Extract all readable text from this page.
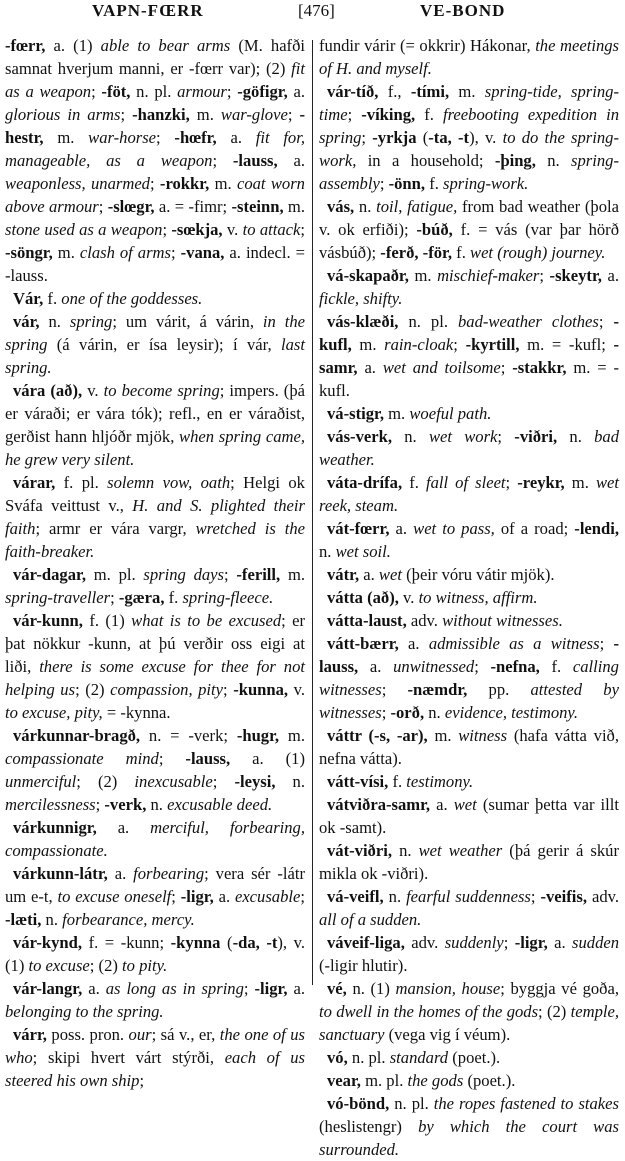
VAPN-FŒRR	[476]	VE-BOND

-fœrr, a. (1) able to bear arms (M. hafði samnat hverjum manni, er -fœrr var); (2) fit as a weapon; -föt, n. pl. armour; -göfigr, a. glorious in arms; -hanzki, m. war-glove; -hestr, m. war-horse; -hœfr, a. fit for, manageable, as a weapon; -lauss, a. weaponless, unarmed; -rokkr, m. coat worn above armour; -slœgr, a. = -fimr; -steinn, m. stone used as a weapon; -sœkja, v. to attack; -söngr, m. clash of arms; -vana, a. indecl. = -lauss.

Vár, f. one of the goddesses.

vár, n. spring; um várit, á várin, in the spring (á várin, er ísa leysir); í vár, last spring.

vára (að), v. to become spring; impers. (þá er váraði; er vára tók); refl., en er váraðist, gerðist hann hljóðr mjök, when spring came, he grew very silent.

várar, f. pl. solemn vow, oath; Helgi ok Sváfa veittust v., H. and S. plighted their faith; armr er vára vargr, wretched is the faith-breaker.

vár-dagar, m. pl. spring days; -ferill, m. spring-traveller; -gæra, f. spring-fleece.

vár-kunn, f. (1) what is to be excused; er þat nökkur -kunn, at þú verðir oss eigi at liði, there is some excuse for thee for not helping us; (2) compassion, pity; -kunna, v. to excuse, pity, = -kynna.

várkunnar-bragð, n. = -verk; -hugr, m. compassionate mind; -lauss, a. (1) unmerciful; (2) inexcusable; -leysi, n. mercilessness; -verk, n. excusable deed.

várkunnigr, a. merciful, forbearing, compassionate.

várkunn-látr, a. forbearing; vera sér -látr um e-t, to excuse oneself; -ligr, a. excusable; -læti, n. forbearance, mercy.

vár-kynd, f. = -kunn; -kynna (-da, -t), v. (1) to excuse; (2) to pity.

vár-langr, a. as long as in spring; -ligr, a. belonging to the spring.

várr, poss. pron. our; sá v., er, the one of us who; skipi hvert várt stýrði, each of us steered his own ship;

fundir várir (= okkrir) Hákonar, the meetings of H. and myself.

vár-tíð, f., -tími, m. spring-tide, spring-time; -víking, f. freebooting expedition in spring; -yrkja (-ta, -t), v. to do the spring-work, in a household; -þing, n. spring-assembly; -önn, f. spring-work.

vás, n. toil, fatigue, from bad weather (þola v. ok erfiði); -búð, f. = vás (var þar hörð vásbúð); -ferð, -för, f. wet (rough) journey.

vá-skapaðr, m. mischief-maker; -skeytr, a. fickle, shifty.

vás-klæði, n. pl. bad-weather clothes; -kufl, m. rain-cloak; -kyrtill, m. = -kufl; -samr, a. wet and toilsome; -stakkr, m. = -kufl.

vá-stigr, m. woeful path.

vás-verk, n. wet work; -viðri, n. bad weather.

váta-drífa, f. fall of sleet; -reykr, m. wet reek, steam.

vát-fœrr, a. wet to pass, of a road; -lendi, n. wet soil.

vátr, a. wet (þeir vóru vátir mjök).

vátta (að), v. to witness, affirm.

vátta-laust, adv. without witnesses.

vátt-bærr, a. admissible as a witness; -lauss, a. unwitnessed; -nefna, f. calling witnesses; -næmdr, pp. attested by witnesses; -orð, n. evidence, testimony.

váttr (-s, -ar), m. witness (hafa vátta við, nefna vátta).

vátt-vísi, f. testimony.

vátviðra-samr, a. wet (sumar þetta var illt ok -samt).

vát-viðri, n. wet weather (þá gerir á skúr mikla ok -viðri).

vá-veifl, n. fearful suddenness; -veifis, adv. all of a sudden.

váveif-liga, adv. suddenly; -ligr, a. sudden (-ligir hlutir).

vé, n. (1) mansion, house; byggja vé goða, to dwell in the homes of the gods; (2) temple, sanctuary (vega vig í véum).

vó, n. pl. standard (poet.).

vear, m. pl. the gods (poet.).

vó-bönd, n. pl. the ropes fastened to stakes (heslistengr) by which the court was surrounded.
